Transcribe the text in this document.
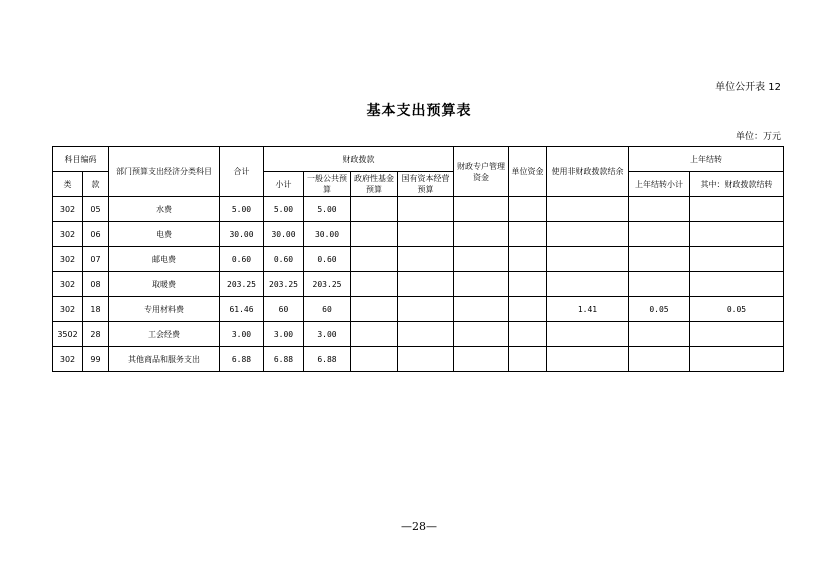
单位公开表 12
基本支出预算表
单位：万元
科目编码		部门预算支出经济分类科目	合计	财政拨款				财政专户管理资金	单位资金	使用非财政拨款结余	上年结转	
类	款			小计	一般公共预算	政府性基金预算	国有资本经营预算				上年结转小计	其中：财政拨款结转
302	05	水费	5.00	5.00	5.00							
302	06	电费	30.00	30.00	30.00							
302	07	邮电费	0.60	0.60	0.60							
302	08	取暖费	203.25	203.25	203.25							
302	18	专用材料费	61.46	60	60					1.41	0.05	0.05
3502	28	工会经费	3.00	3.00	3.00							
302	99	其他商品和服务支出	6.88	6.88	6.88							
—28—
